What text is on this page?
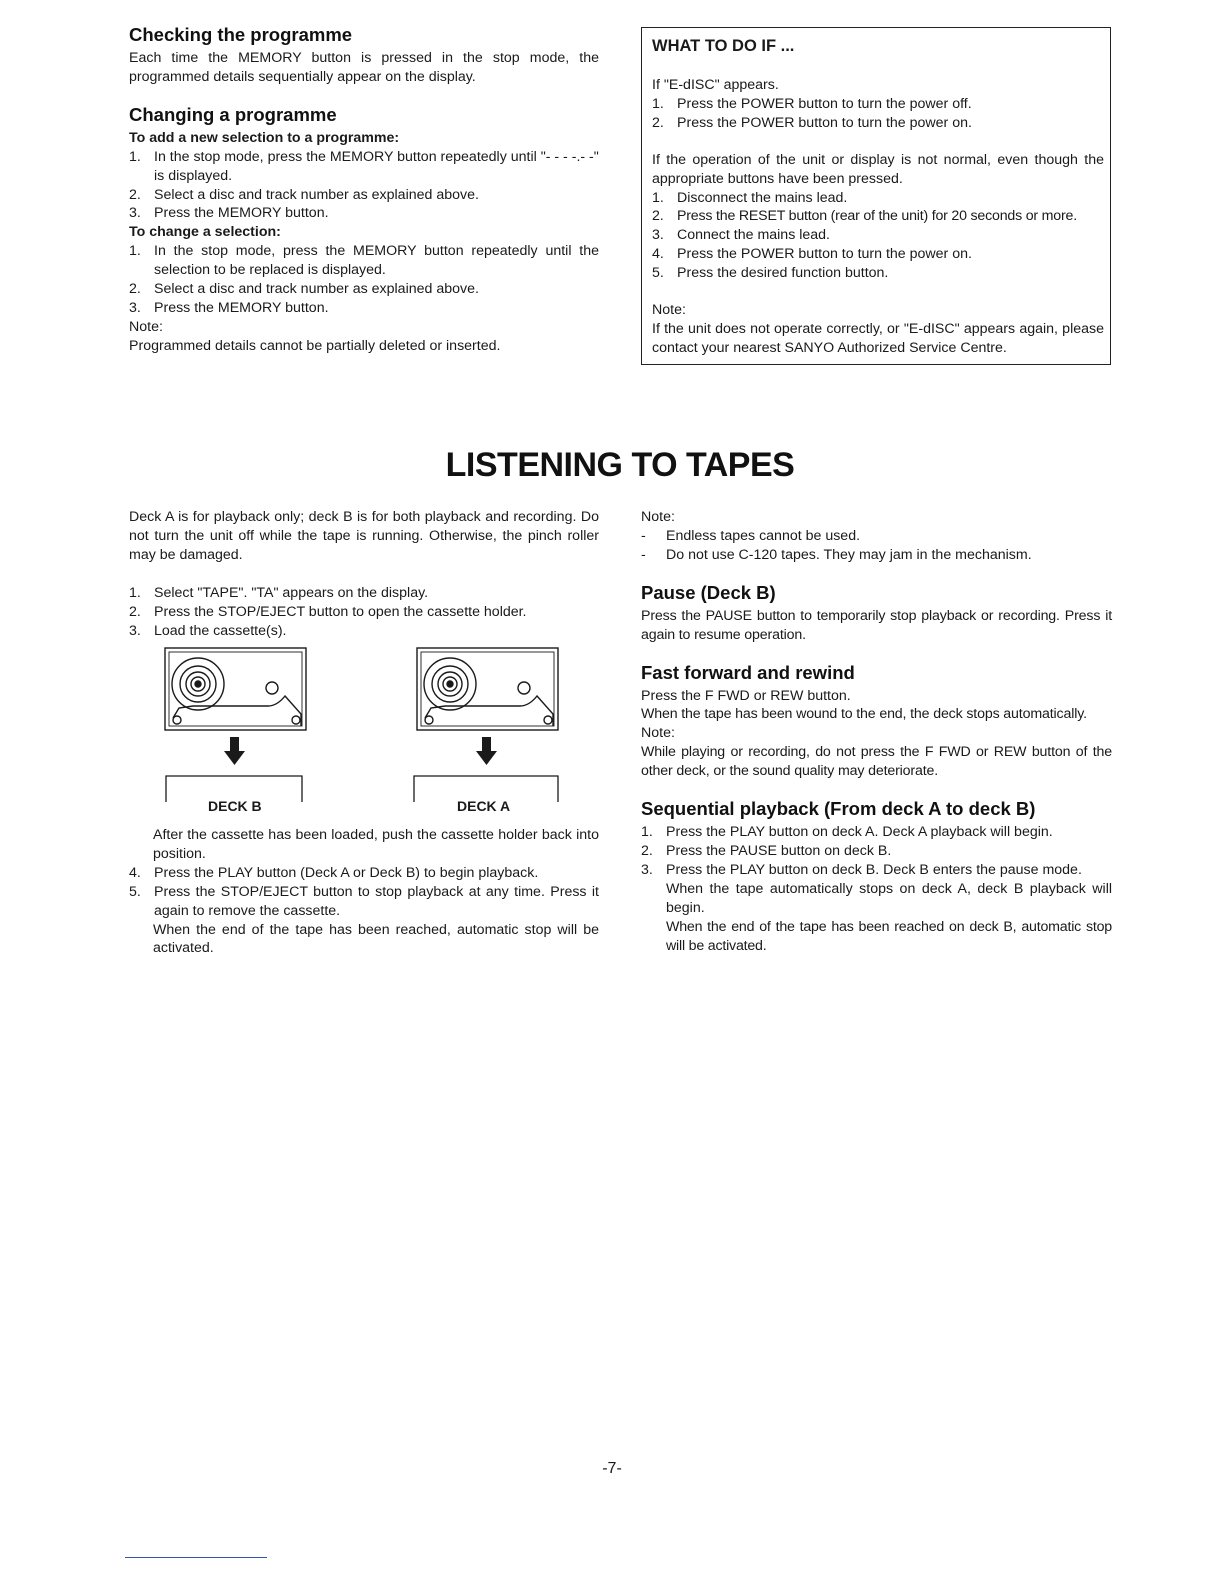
Checking the programme

Each time the MEMORY button is pressed in the stop mode, the programmed details sequentially appear on the display.

Changing a programme
To add a new selection to a programme:
1. In the stop mode, press the MEMORY button repeatedly until "- - - -.- -" is displayed.
2. Select a disc and track number as explained above.
3. Press the MEMORY button.
To change a selection:
1. In the stop mode, press the MEMORY button repeatedly until the selection to be replaced is displayed.
2. Select a disc and track number as explained above.
3. Press the MEMORY button.
Note:
Programmed details cannot be partially deleted or inserted.
WHAT TO DO IF ...
If "E-dISC" appears.
1. Press the POWER button to turn the power off.
2. Press the POWER button to turn the power on.
If the operation of the unit or display is not normal, even though the appropriate buttons have been pressed.
1. Disconnect the mains lead.
2. Press the RESET button (rear of the unit) for 20 seconds or more.
3. Connect the mains lead.
4. Press the POWER button to turn the power on.
5. Press the desired function button.
Note:
If the unit does not operate correctly, or "E-dISC" appears again, please contact your nearest SANYO Authorized Service Centre.
LISTENING TO TAPES

Deck A is for playback only; deck B is for both playback and recording. Do not turn the unit off while the tape is running. Otherwise, the pinch roller may be damaged.

1. Select "TAPE". "TA" appears on the display.
2. Press the STOP/EJECT button to open the cassette holder.
3. Load the cassette(s).
DECK B	DECK A

After the cassette has been loaded, push the cassette holder back into position.

4. Press the PLAY button (Deck A or Deck B) to begin playback.
5. Press the STOP/EJECT button to stop playback at any time. Press it again to remove the cassette.

When the end of the tape has been reached, automatic stop will be activated.

Note:
- Endless tapes cannot be used.
- Do not use C-120 tapes. They may jam in the mechanism.
Pause (Deck B)

Press the PAUSE button to temporarily stop playback or recording. Press it again to resume operation.

Fast forward and rewind
Press the F FWD or REW button.
When the tape has been wound to the end, the deck stops automatically.
Note:

While playing or recording, do not press the F FWD or REW button of the other deck, or the sound quality may deteriorate.

Sequential playback (From deck A to deck B)
1. Press the PLAY button on deck A. Deck A playback will begin.
2. Press the PAUSE button on deck B.
3. Press the PLAY button on deck B. Deck B enters the pause mode.

When the tape automatically stops on deck A, deck B playback will begin.

When the end of the tape has been reached on deck B, automatic stop will be activated.

-7-
